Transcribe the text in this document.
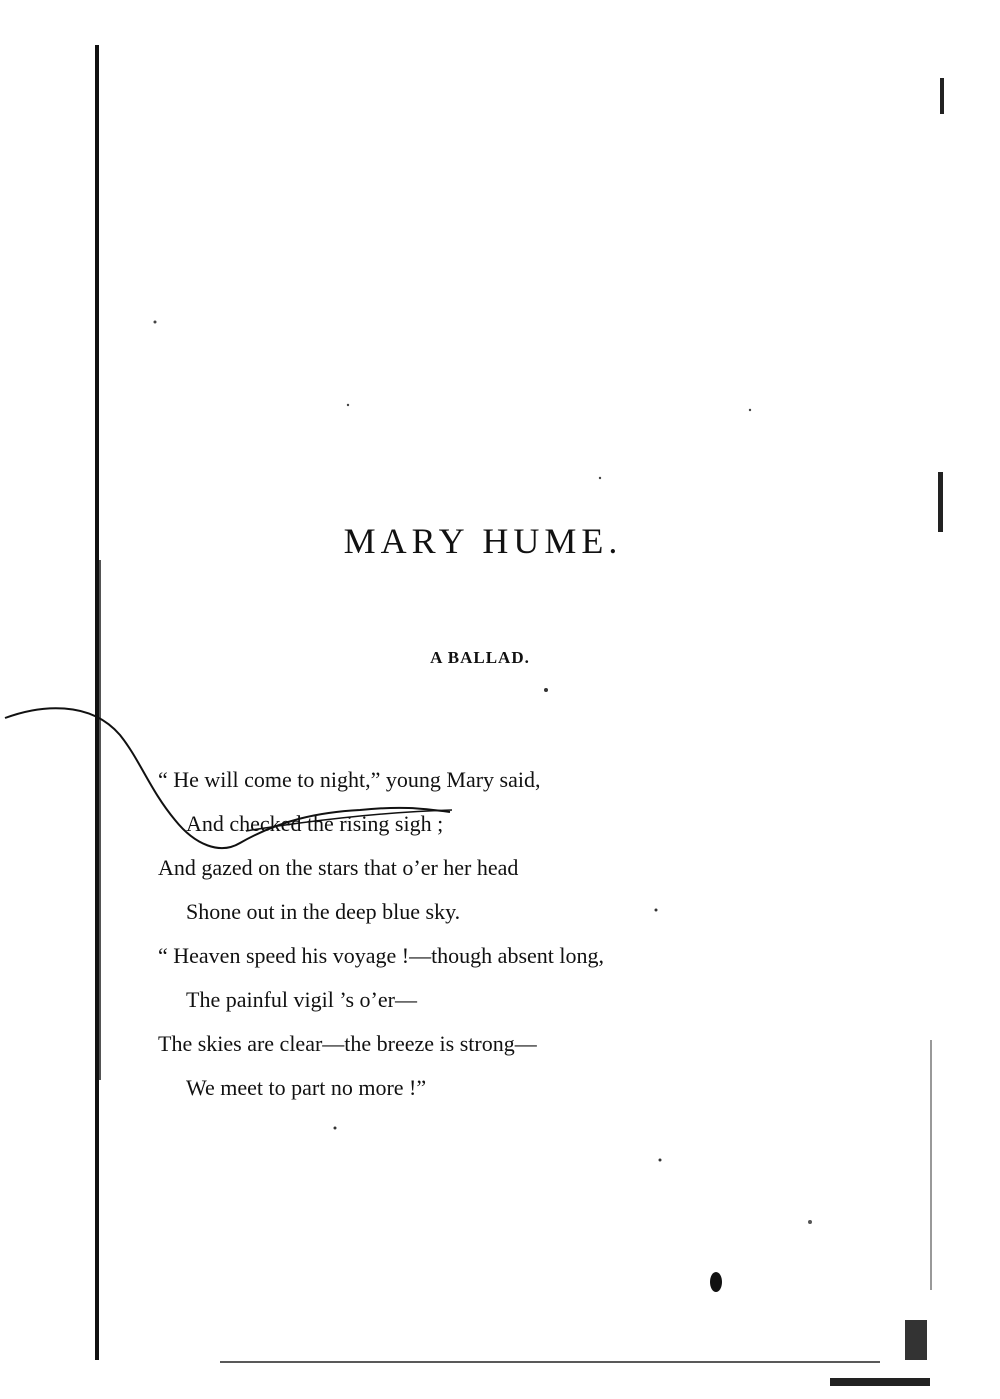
MARY HUME.
A BALLAD.
“ He will come to night,” young Mary said,
And checked the rising sigh ;
And gazed on the stars that o’er her head
Shone out in the deep blue sky.
“ Heaven speed his voyage !—though absent long,
The painful vigil ’s o’er—
The skies are clear—the breeze is strong—
We meet to part no more !”
